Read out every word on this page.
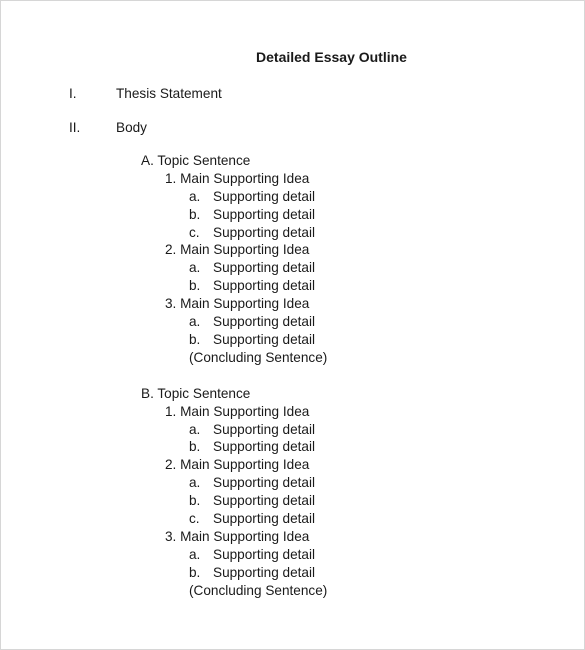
Detailed Essay Outline
I.	Thesis Statement
II.	Body
A. Topic Sentence
1. Main Supporting Idea
a. Supporting detail
b. Supporting detail
c. Supporting detail
2. Main Supporting Idea
a. Supporting detail
b. Supporting detail
3. Main Supporting Idea
a. Supporting detail
b. Supporting detail
(Concluding Sentence)
B. Topic Sentence
1. Main Supporting Idea
a. Supporting detail
b. Supporting detail
2. Main Supporting Idea
a. Supporting detail
b. Supporting detail
c. Supporting detail
3. Main Supporting Idea
a. Supporting detail
b. Supporting detail
(Concluding Sentence)
